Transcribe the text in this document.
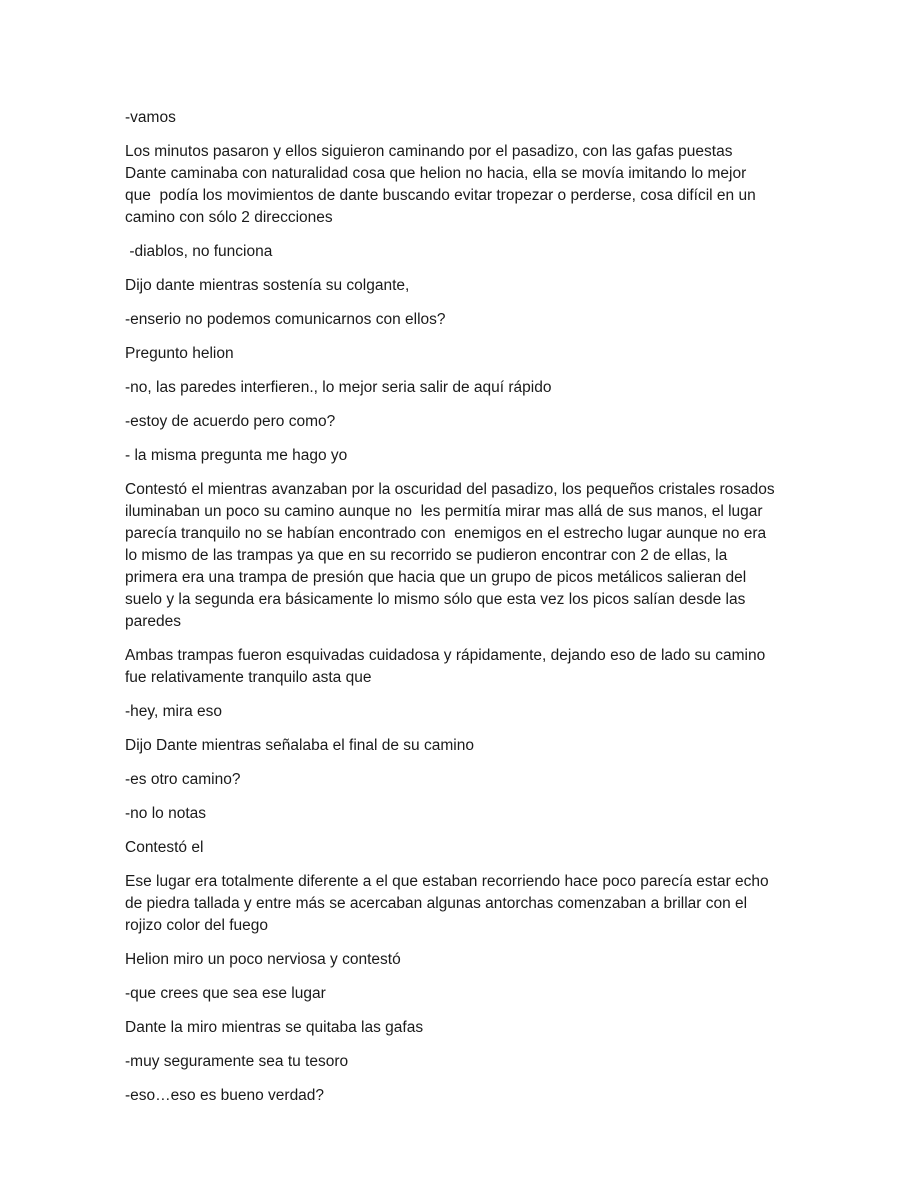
-vamos

Los minutos pasaron y ellos siguieron caminando por el pasadizo, con las gafas puestas Dante caminaba con naturalidad cosa que helion no hacia, ella se movía imitando lo mejor que  podía los movimientos de dante buscando evitar tropezar o perderse, cosa difícil en un camino con sólo 2 direcciones

-diablos, no funciona

Dijo dante mientras sostenía su colgante,

-enserio no podemos comunicarnos con ellos?

Pregunto helion

-no, las paredes interfieren., lo mejor seria salir de aquí rápido

-estoy de acuerdo pero como?

- la misma pregunta me hago yo

Contestó el mientras avanzaban por la oscuridad del pasadizo, los pequeños cristales rosados iluminaban un poco su camino aunque no  les permitía mirar mas allá de sus manos, el lugar parecía tranquilo no se habían encontrado con  enemigos en el estrecho lugar aunque no era lo mismo de las trampas ya que en su recorrido se pudieron encontrar con 2 de ellas, la primera era una trampa de presión que hacia que un grupo de picos metálicos salieran del suelo y la segunda era básicamente lo mismo sólo que esta vez los picos salían desde las paredes

Ambas trampas fueron esquivadas cuidadosa y rápidamente, dejando eso de lado su camino fue relativamente tranquilo asta que

-hey, mira eso

Dijo Dante mientras señalaba el final de su camino

-es otro camino?

-no lo notas

Contestó el

Ese lugar era totalmente diferente a el que estaban recorriendo hace poco parecía estar echo de piedra tallada y entre más se acercaban algunas antorchas comenzaban a brillar con el rojizo color del fuego

Helion miro un poco nerviosa y contestó

-que crees que sea ese lugar

Dante la miro mientras se quitaba las gafas

-muy seguramente sea tu tesoro

-eso…eso es bueno verdad?
